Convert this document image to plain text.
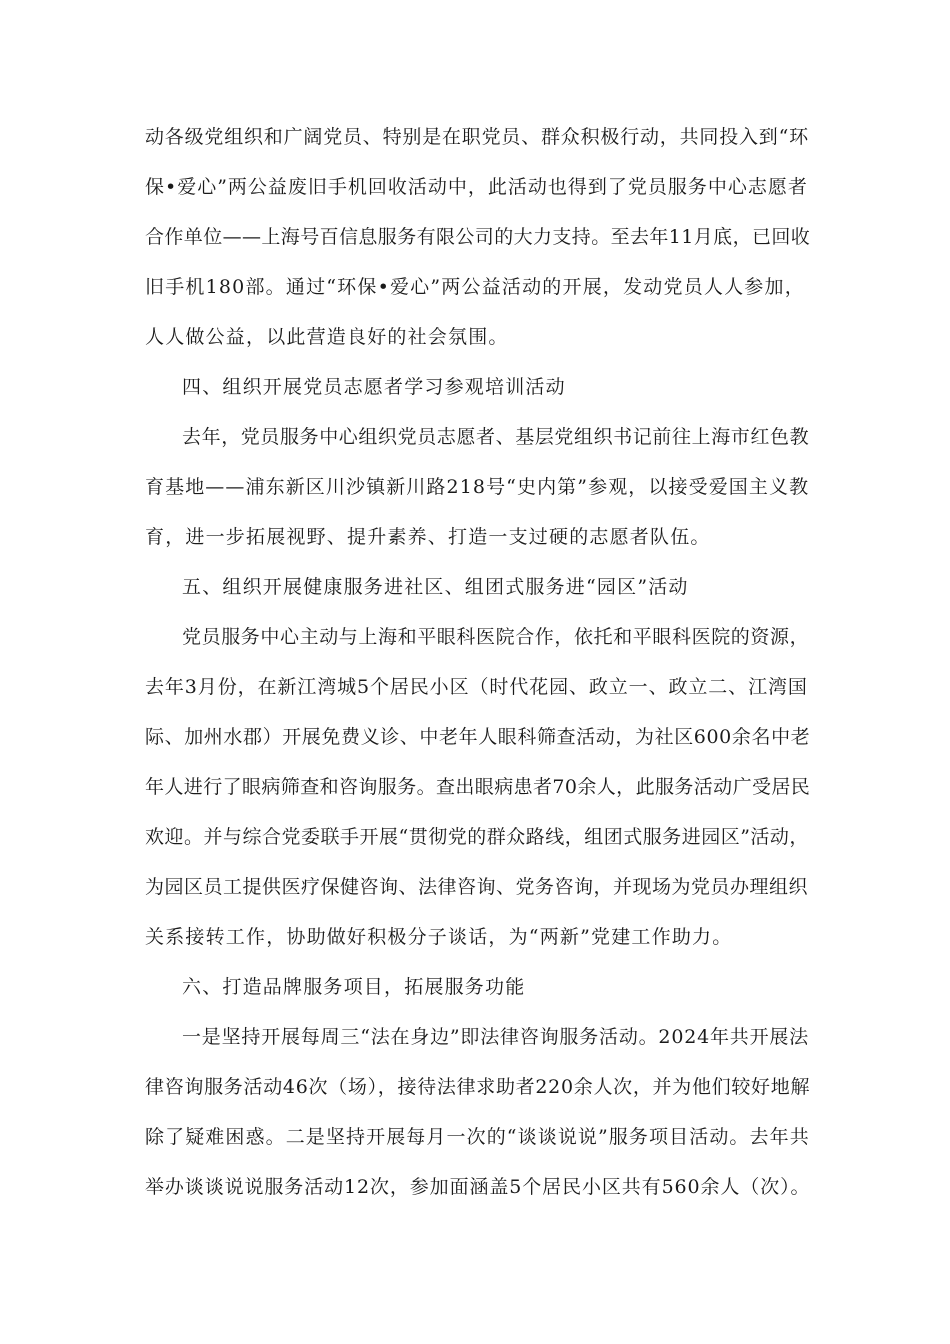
动各级党组织和广阔党员、特别是在职党员、群众积极行动，共同投入到“环
保•爱心”两公益废旧手机回收活动中，此活动也得到了党员服务中心志愿者
合作单位——上海号百信息服务有限公司的大力支持。至去年11月底，已回收
旧手机180部。通过“环保•爱心”两公益活动的开展，发动党员人人参加，
人人做公益，以此营造良好的社会氛围。
四、组织开展党员志愿者学习参观培训活动
去年，党员服务中心组织党员志愿者、基层党组织书记前往上海市红色教
育基地——浦东新区川沙镇新川路218号“史内第”参观，以接受爱国主义教
育，进一步拓展视野、提升素养、打造一支过硬的志愿者队伍。
五、组织开展健康服务进社区、组团式服务进“园区”活动
党员服务中心主动与上海和平眼科医院合作，依托和平眼科医院的资源，
去年3月份，在新江湾城5个居民小区（时代花园、政立一、政立二、江湾国
际、加州水郡）开展免费义诊、中老年人眼科筛查活动，为社区600余名中老
年人进行了眼病筛查和咨询服务。查出眼病患者70余人，此服务活动广受居民
欢迎。并与综合党委联手开展“贯彻党的群众路线，组团式服务进园区”活动，
为园区员工提供医疗保健咨询、法律咨询、党务咨询，并现场为党员办理组织
关系接转工作，协助做好积极分子谈话，为“两新”党建工作助力。
六、打造品牌服务项目，拓展服务功能
一是坚持开展每周三“法在身边”即法律咨询服务活动。2024年共开展法
律咨询服务活动46次（场），接待法律求助者220余人次，并为他们较好地解
除了疑难困惑。二是坚持开展每月一次的“谈谈说说”服务项目活动。去年共
举办谈谈说说服务活动12次，参加面涵盖5个居民小区共有560余人（次）。
